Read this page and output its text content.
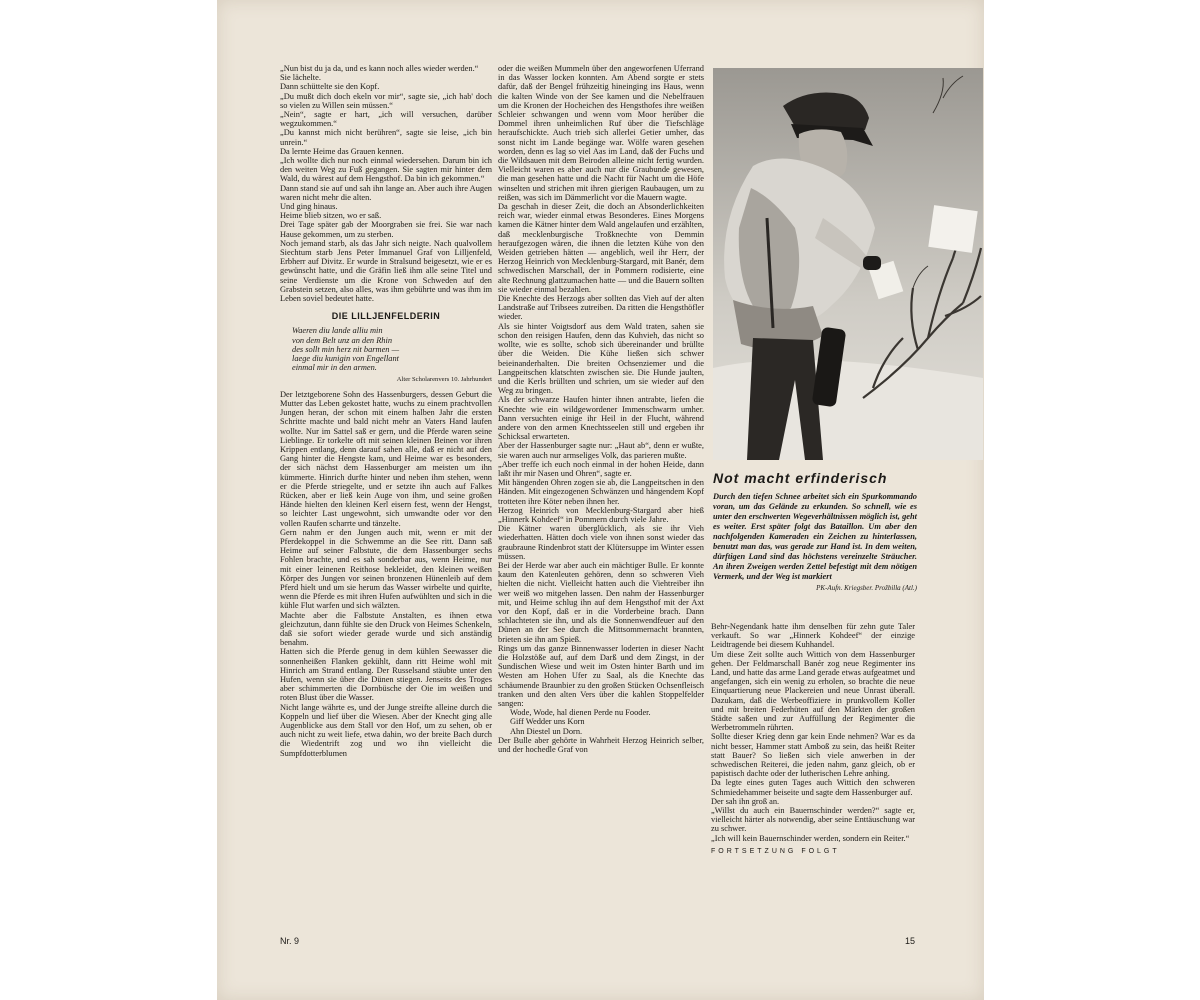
„Nun bist du ja da, und es kann noch alles wieder werden.“

Sie lächelte.

Dann schüttelte sie den Kopf.

„Du mußt dich doch ekeln vor mir“, sagte sie, „ich hab' doch so vielen zu Willen sein müssen.“

„Nein“, sagte er hart, „ich will versuchen, darüber wegzukommen.“

„Du kannst mich nicht berühren“, sagte sie leise, „ich bin unrein.“

Da lernte Heime das Grauen kennen.

„Ich wollte dich nur noch einmal wiedersehen. Darum bin ich den weiten Weg zu Fuß gegangen. Sie sagten mir hinter dem Wald, du wärest auf dem Hengsthof. Da bin ich gekommen.“

Dann stand sie auf und sah ihn lange an. Aber auch ihre Augen waren nicht mehr die alten.

Und ging hinaus.

Heime blieb sitzen, wo er saß.

Drei Tage später gab der Moorgraben sie frei. Sie war nach Hause gekommen, um zu sterben.

Noch jemand starb, als das Jahr sich neigte. Nach qualvollem Siechtum starb Jens Peter Immanuel Graf von Lilljenfeld, Erbherr auf Divitz. Er wurde in Stralsund beigesetzt, wie er es gewünscht hatte, und die Gräfin ließ ihm alle seine Titel und seine Verdienste um die Krone von Schweden auf den Grabstein setzen, also alles, was ihm gebührte und was ihm im Leben soviel bedeutet hatte.

DIE LILLJENFELDERIN

Waeren diu lande alliu min

von dem Belt unz an den Rhin

des sollt min herz nit barmen —

laege diu kunigin von Engellant

einmal mir in den armen.

Alter Scholarenvers 10. Jahrhundert

Der letztgeborene Sohn des Hassenburgers, dessen Geburt die Mutter das Leben gekostet hatte, wuchs zu einem prachtvollen Jungen heran, der schon mit einem halben Jahr die ersten Schritte machte und bald nicht mehr an Vaters Hand laufen wollte. Nur im Sattel saß er gern, und die Pferde waren seine Lieblinge. Er torkelte oft mit seinen kleinen Beinen vor ihren Krippen entlang, denn darauf sahen alle, daß er nicht auf den Gang hinter die Hengste kam, und Heime war es besonders, der sich nächst dem Hassenburger am meisten um ihn kümmerte. Hinrich durfte hinter und neben ihm stehen, wenn er die Pferde striegelte, und er setzte ihn auch auf Falkes Rücken, aber er ließ kein Auge von ihm, und seine großen Hände hielten den kleinen Kerl eisern fest, wenn der Hengst, so leichter Last ungewohnt, sich umwandte oder vor den vollen Raufen scharrte und tänzelte.

Gern nahm er den Jungen auch mit, wenn er mit der Pferdekoppel in die Schwemme an die See ritt. Dann saß Heime auf seiner Falbstute, die dem Hassenburger sechs Fohlen brachte, und es sah sonderbar aus, wenn Heime, nur mit einer leinenen Reithose bekleidet, den kleinen weißen Körper des Jungen vor seinen bronzenen Hünenleib auf dem Pferd hielt und um sie herum das Wasser wirbelte und quirlte, wenn die Pferde es mit ihren Hufen aufwühlten und sich in die kühle Flut warfen und sich wälzten.

Machte aber die Falbstute Anstalten, es ihnen etwa gleichzutun, dann fühlte sie den Druck von Heimes Schenkeln, daß sie sofort wieder gerade wurde und sich anständig benahm.

Hatten sich die Pferde genug in dem kühlen Seewasser die sonnenheißen Flanken gekühlt, dann ritt Heime wohl mit Hinrich am Strand entlang. Der Russelsand stäubte unter den Hufen, wenn sie über die Dünen stiegen. Jenseits des Troges aber schimmerten die Dornbüsche der Oie im weißen und roten Blust über die Wasser.

Nicht lange währte es, und der Junge streifte alleine durch die Koppeln und lief über die Wiesen. Aber der Knecht ging alle Augenblicke aus dem Stall vor den Hof, um zu sehen, ob er auch nicht zu weit liefe, etwa dahin, wo der breite Bach durch die Wiedentrift zog und wo ihn vielleicht die Sumpfdotterblumen

oder die weißen Mummeln über den angeworfenen Uferrand in das Wasser locken konnten. Am Abend sorgte er stets dafür, daß der Bengel frühzeitig hineinging ins Haus, wenn die kalten Winde von der See kamen und die Nebelfrauen um die Kronen der Hocheichen des Hengsthofes ihre weißen Schleier schwangen und wenn vom Moor herüber die Dommel ihren unheimlichen Ruf über die Tiefschläge heraufschickte. Auch trieb sich allerlei Getier umher, das sonst nicht im Lande begänge war. Wölfe waren gesehen worden, denn es lag so viel Aas im Land, daß der Fuchs und die Wildsauen mit dem Beiroden alleine nicht fertig wurden. Vielleicht waren es aber auch nur die Graubunde gewesen, die man gesehen hatte und die Nacht für Nacht um die Höfe winselten und strichen mit ihren gierigen Raubaugen, um zu reißen, was sich im Dämmerlicht vor die Mauern wagte.

Da geschah in dieser Zeit, die doch an Absonderlichkeiten reich war, wieder einmal etwas Besonderes. Eines Morgens kamen die Kätner hinter dem Wald angelaufen und erzählten, daß mecklenburgische Troßknechte von Demmin heraufgezogen wären, die ihnen die letzten Kühe von den Weiden getrieben hätten — angeblich, weil ihr Herr, der Herzog Heinrich von Mecklenburg-Stargard, mit Banér, dem schwedischen Marschall, der in Pommern rodisierte, eine alte Rechnung glattzumachen hatte — und die Bauern sollten sie wieder einmal bezahlen.

Die Knechte des Herzogs aber sollten das Vieh auf der alten Landstraße auf Tribsees zutreiben. Da ritten die Hengsthöfler wieder.

Als sie hinter Voigtsdorf aus dem Wald traten, sahen sie schon den reisigen Haufen, denn das Kuhvieh, das nicht so wollte, wie es sollte, schob sich übereinander und brüllte über die Weiden. Die Kühe ließen sich schwer beieinanderhalten. Die breiten Ochsenziemer und die Langpeitschen klatschten zwischen sie. Die Hunde jaulten, und die Kerls brüllten und schrien, um sie wieder auf den Weg zu bringen.

Als der schwarze Haufen hinter ihnen antrabte, liefen die Knechte wie ein wildgewordener Immenschwarm umher. Dann versuchten einige ihr Heil in der Flucht, während andere von den armen Knechtsseelen still und ergeben ihr Schicksal erwarteten.

Aber der Hassenburger sagte nur: „Haut ab“, denn er wußte, sie waren auch nur armseliges Volk, das parieren mußte.

„Aber treffe ich euch noch einmal in der hohen Heide, dann laßt ihr mir Nasen und Ohren“, sagte er.

Mit hängenden Ohren zogen sie ab, die Langpeitschen in den Händen. Mit eingezogenen Schwänzen und hängendem Kopf trotteten ihre Köter neben ihnen her.

Herzog Heinrich von Mecklenburg-Stargard aber hieß „Hinnerk Kohdeef“ in Pommern durch viele Jahre.

Die Kätner waren überglücklich, als sie ihr Vieh wiederhatten. Hätten doch viele von ihnen sonst wieder das graubraune Rindenbrot statt der Klütersuppe im Winter essen müssen.

Bei der Herde war aber auch ein mächtiger Bulle. Er konnte kaum den Katenleuten gehören, denn so schweren Vieh hielten die nicht. Vielleicht hatten auch die Viehtreiber ihn wer weiß wo mitgehen lassen. Den nahm der Hassenburger mit, und Heime schlug ihn auf dem Hengsthof mit der Axt vor den Kopf, daß er in die Vorderbeine brach. Dann schlachteten sie ihn, und als die Sonnenwendfeuer auf den Dünen an der See durch die Mittsommernacht brannten, brieten sie ihn am Spieß.

Rings um das ganze Binnenwasser loderten in dieser Nacht die Holzstöße auf, auf dem Darß und dem Zingst, in der Sundischen Wiese und weit im Osten hinter Barth und im Westen am Hohen Ufer zu Saal, als die Knechte das schäumende Braunbier zu den großen Stücken Ochsenfleisch tranken und den alten Vers über die kahlen Stoppelfelder sangen:

Wode, Wode, hal dienen Perde nu Fooder.

Giff Wedder uns Korn

Ahn Diestel un Dorn.

Der Bulle aber gehörte in Wahrheit Herzog Heinrich selber, und der hochedle Graf von

Behr-Negendank hatte ihm denselben für zehn gute Taler verkauft. So war „Hinnerk Kohdeef“ der einzige Leidtragende bei diesem Kuhhandel.

Um diese Zeit sollte auch Wittich von dem Hassenburger gehen. Der Feldmarschall Banér zog neue Regimenter ins Land, und hatte das arme Land gerade etwas aufgeatmet und angefangen, sich ein wenig zu erholen, so brachte die neue Einquartierung neue Plackereien und neue Unrast überall. Dazukam, daß die Werbeoffiziere in prunkvollem Koller und mit breiten Federhüten auf den Märkten der großen Städte saßen und zur Auffüllung der Regimenter die Werbetrommeln rührten.

Sollte dieser Krieg denn gar kein Ende nehmen? War es da nicht besser, Hammer statt Amboß zu sein, das heißt Reiter statt Bauer? So ließen sich viele anwerben in der schwedischen Reiterei, die jeden nahm, ganz gleich, ob er papistisch dachte oder der lutherischen Lehre anhing.

Da legte eines guten Tages auch Wittich den schweren Schmiedehammer beiseite und sagte dem Hassenburger auf.

Der sah ihn groß an.

„Willst du auch ein Bauernschinder werden?“ sagte er, vielleicht härter als notwendig, aber seine Enttäuschung war zu schwer.

„Ich will kein Bauernschinder werden, sondern ein Reiter.“

FORTSETZUNG FOLGT

Not macht erfinderisch

Durch den tiefen Schnee arbeitet sich ein Spurkommando voran, um das Gelände zu erkunden. So schnell, wie es unter den erschwerten Wegeverhältnissen möglich ist, geht es weiter. Erst später folgt das Bataillon. Um aber den nachfolgenden Kameraden ein Zeichen zu hinterlassen, benutzt man das, was gerade zur Hand ist. In dem weiten, dürftigen Land sind das höchstens vereinzelte Sträucher. An ihren Zweigen werden Zettel befestigt mit dem nötigen Vermerk, und der Weg ist markiert

PK-Aufn. Kriegsber. Prožbilla (Atl.)
Nr. 9	15
